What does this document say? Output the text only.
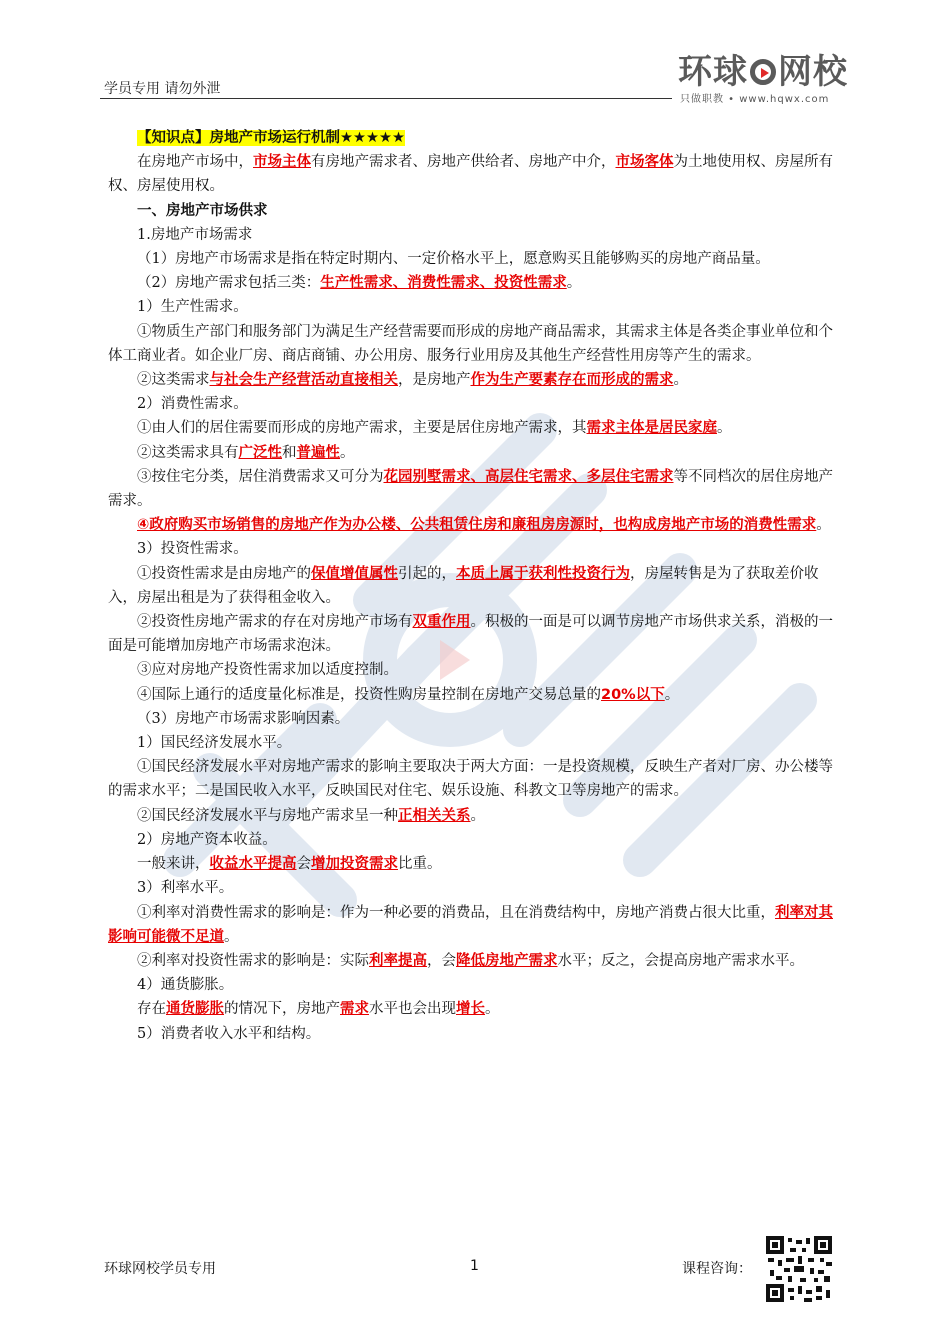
学员专用 请勿外泄	环球 网校
只做职教 • www.hqwx.com

【知识点】房地产市场运行机制★★★★★

在房地产市场中，市场主体有房地产需求者、房地产供给者、房地产中介，市场客体为土地使用权、房屋所有权、房屋使用权。

一、房地产市场供求

1.房地产市场需求

（1）房地产市场需求是指在特定时期内、一定价格水平上，愿意购买且能够购买的房地产商品量。

（2）房地产需求包括三类：生产性需求、消费性需求、投资性需求。

1）生产性需求。

①物质生产部门和服务部门为满足生产经营需要而形成的房地产商品需求，其需求主体是各类企事业单位和个体工商业者。如企业厂房、商店商铺、办公用房、服务行业用房及其他生产经营性用房等产生的需求。

②这类需求与社会生产经营活动直接相关，是房地产作为生产要素存在而形成的需求。

2）消费性需求。

①由人们的居住需要而形成的房地产需求，主要是居住房地产需求，其需求主体是居民家庭。

②这类需求具有广泛性和普遍性。

③按住宅分类，居住消费需求又可分为花园别墅需求、高层住宅需求、多层住宅需求等不同档次的居住房地产需求。

④政府购买市场销售的房地产作为办公楼、公共租赁住房和廉租房房源时，也构成房地产市场的消费性需求。

3）投资性需求。

①投资性需求是由房地产的保值增值属性引起的，本质上属于获利性投资行为，房屋转售是为了获取差价收入，房屋出租是为了获得租金收入。

②投资性房地产需求的存在对房地产市场有双重作用。积极的一面是可以调节房地产市场供求关系，消极的一面是可能增加房地产市场需求泡沫。

③应对房地产投资性需求加以适度控制。

④国际上通行的适度量化标准是，投资性购房量控制在房地产交易总量的20%以下。

（3）房地产市场需求影响因素。

1）国民经济发展水平。

①国民经济发展水平对房地产需求的影响主要取决于两大方面：一是投资规模，反映生产者对厂房、办公楼等的需求水平；二是国民收入水平，反映国民对住宅、娱乐设施、科教文卫等房地产的需求。

②国民经济发展水平与房地产需求呈一种正相关关系。

2）房地产资本收益。

一般来讲，收益水平提高会增加投资需求比重。

3）利率水平。

①利率对消费性需求的影响是：作为一种必要的消费品，且在消费结构中，房地产消费占很大比重，利率对其影响可能微不足道。

②利率对投资性需求的影响是：实际利率提高，会降低房地产需求水平；反之，会提高房地产需求水平。

4）通货膨胀。

存在通货膨胀的情况下，房地产需求水平也会出现增长。

5）消费者收入水平和结构。

环球网校学员专用	1	课程咨询：
